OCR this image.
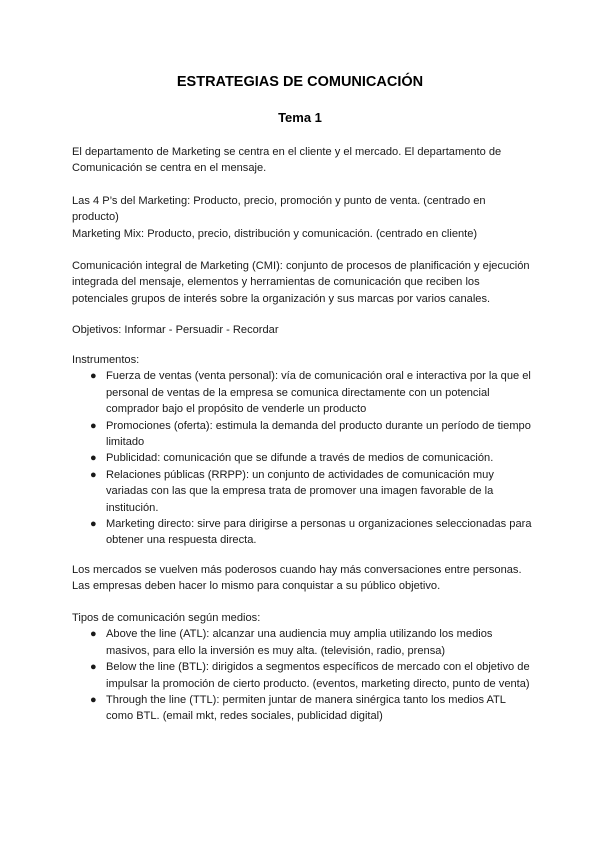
ESTRATEGIAS DE COMUNICACIÓN
Tema 1

El departamento de Marketing se centra en el cliente y el mercado. El departamento de Comunicación se centra en el mensaje.

Las 4 P’s del Marketing: Producto, precio, promoción y punto de venta. (centrado en producto)

Marketing Mix: Producto, precio, distribución y comunicación. (centrado en cliente)

Comunicación integral de Marketing (CMI): conjunto de procesos de planificación y ejecución integrada del mensaje, elementos y herramientas de comunicación que reciben los potenciales grupos de interés sobre la organización y sus marcas por varios canales.

Objetivos: Informar - Persuadir - Recordar

Instrumentos:

● Fuerza de ventas (venta personal): vía de comunicación oral e interactiva por la que el personal de ventas de la empresa se comunica directamente con un potencial comprador bajo el propósito de venderle un producto
● Promociones (oferta): estimula la demanda del producto durante un período de tiempo limitado
● Publicidad: comunicación que se difunde a través de medios de comunicación.
● Relaciones públicas (RRPP): un conjunto de actividades de comunicación muy variadas con las que la empresa trata de promover una imagen favorable de la institución.
● Marketing directo: sirve para dirigirse a personas u organizaciones seleccionadas para obtener una respuesta directa.

Los mercados se vuelven más poderosos cuando hay más conversaciones entre personas. Las empresas deben hacer lo mismo para conquistar a su público objetivo.

Tipos de comunicación según medios:

● Above the line (ATL): alcanzar una audiencia muy amplia utilizando los medios masivos, para ello la inversión es muy alta. (televisión, radio, prensa)
● Below the line (BTL): dirigidos a segmentos específicos de mercado con el objetivo de impulsar la promoción de cierto producto. (eventos, marketing directo, punto de venta)
● Through the line (TTL): permiten juntar de manera sinérgica tanto los medios ATL como BTL. (email mkt, redes sociales, publicidad digital)
